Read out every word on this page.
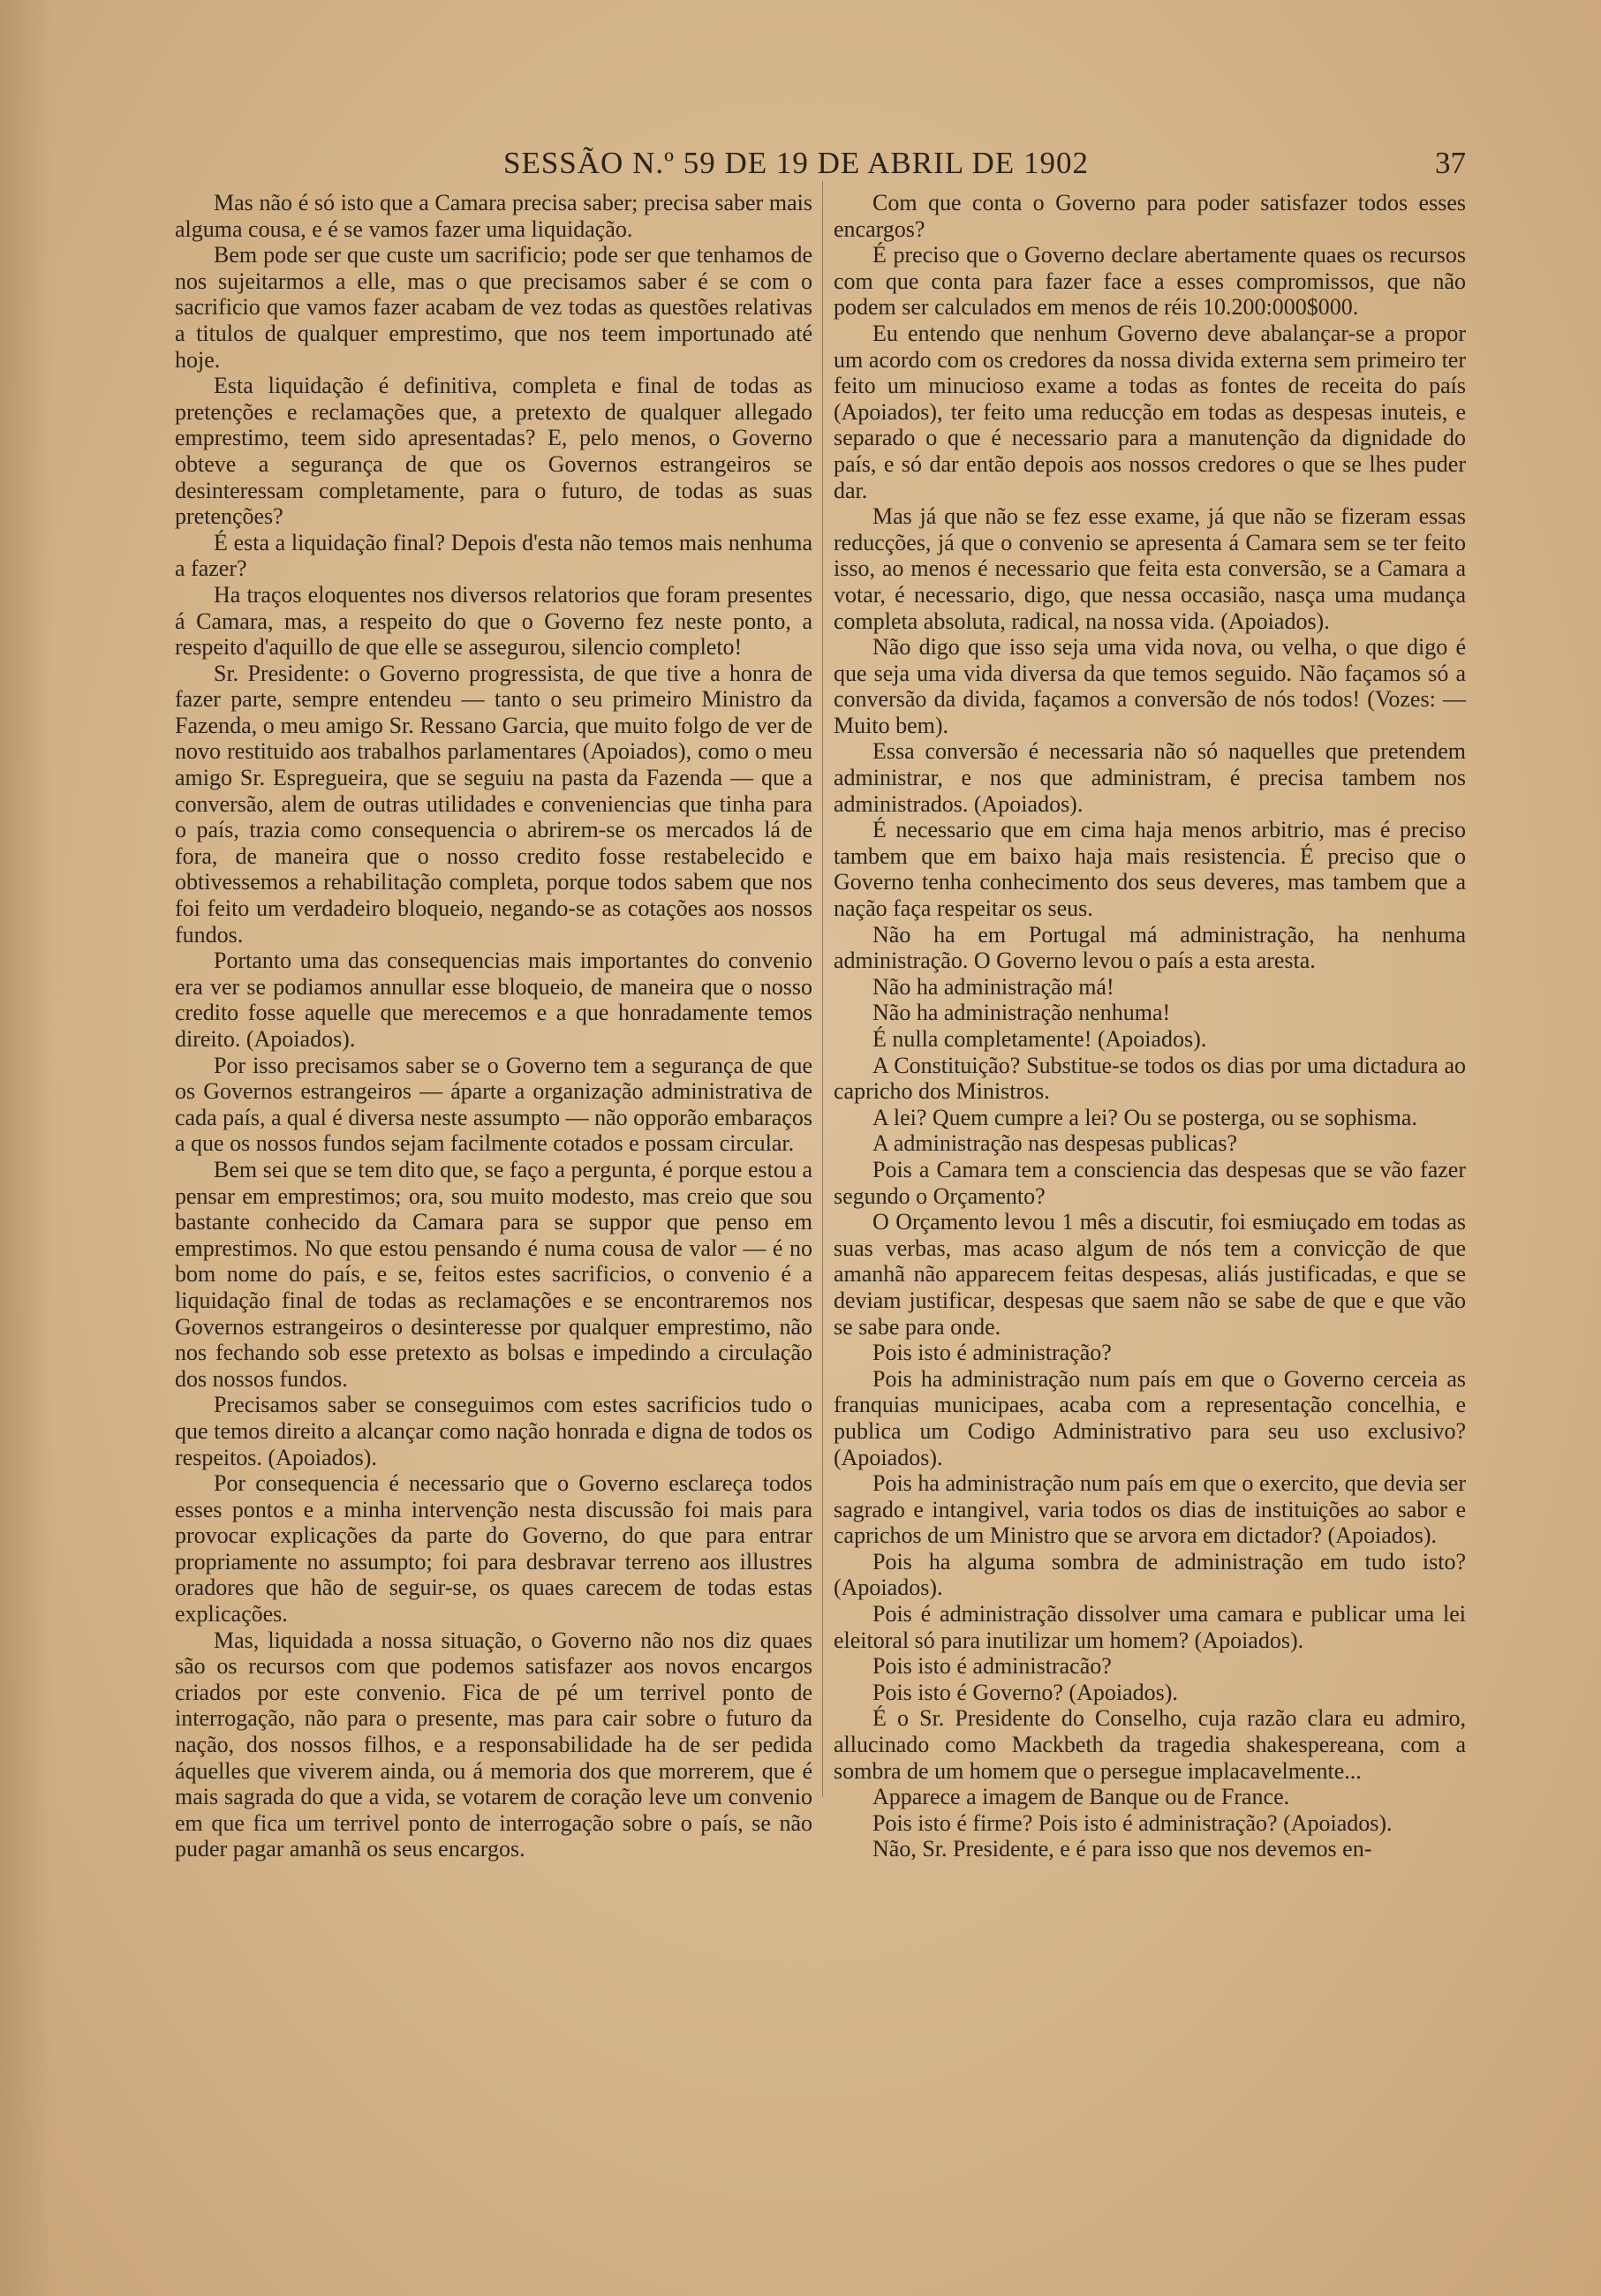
SESSÃO N.º 59 DE 19 DE ABRIL DE 1902	37

Mas não é só isto que a Camara precisa saber; precisa saber mais alguma cousa, e é se vamos fazer uma liquidação.

Bem pode ser que custe um sacrificio; pode ser que tenhamos de nos sujeitarmos a elle, mas o que precisamos saber é se com o sacrificio que vamos fazer acabam de vez todas as questões relativas a titulos de qualquer emprestimo, que nos teem importunado até hoje.

Esta liquidação é definitiva, completa e final de todas as pretenções e reclamações que, a pretexto de qualquer allegado emprestimo, teem sido apresentadas? E, pelo menos, o Governo obteve a segurança de que os Governos estrangeiros se desinteressam completamente, para o futuro, de todas as suas pretenções?

É esta a liquidação final? Depois d'esta não temos mais nenhuma a fazer?

Ha traços eloquentes nos diversos relatorios que foram presentes á Camara, mas, a respeito do que o Governo fez neste ponto, a respeito d'aquillo de que elle se assegurou, silencio completo!

Sr. Presidente: o Governo progressista, de que tive a honra de fazer parte, sempre entendeu — tanto o seu primeiro Ministro da Fazenda, o meu amigo Sr. Ressano Garcia, que muito folgo de ver de novo restituido aos trabalhos parlamentares (Apoiados), como o meu amigo Sr. Espregueira, que se seguiu na pasta da Fazenda — que a conversão, alem de outras utilidades e conveniencias que tinha para o país, trazia como consequencia o abrirem-se os mercados lá de fora, de maneira que o nosso credito fosse restabelecido e obtivessemos a rehabilitação completa, porque todos sabem que nos foi feito um verdadeiro bloqueio, negando-se as cotações aos nossos fundos.

Portanto uma das consequencias mais importantes do convenio era ver se podiamos annullar esse bloqueio, de maneira que o nosso credito fosse aquelle que merecemos e a que honradamente temos direito. (Apoiados).

Por isso precisamos saber se o Governo tem a segurança de que os Governos estrangeiros — áparte a organização administrativa de cada país, a qual é diversa neste assumpto — não opporão embaraços a que os nossos fundos sejam facilmente cotados e possam circular.

Bem sei que se tem dito que, se faço a pergunta, é porque estou a pensar em emprestimos; ora, sou muito modesto, mas creio que sou bastante conhecido da Camara para se suppor que penso em emprestimos. No que estou pensando é numa cousa de valor — é no bom nome do país, e se, feitos estes sacrificios, o convenio é a liquidação final de todas as reclamações e se encontraremos nos Governos estrangeiros o desinteresse por qualquer emprestimo, não nos fechando sob esse pretexto as bolsas e impedindo a circulação dos nossos fundos.

Precisamos saber se conseguimos com estes sacrificios tudo o que temos direito a alcançar como nação honrada e digna de todos os respeitos. (Apoiados).

Por consequencia é necessario que o Governo esclareça todos esses pontos e a minha intervenção nesta discussão foi mais para provocar explicações da parte do Governo, do que para entrar propriamente no assumpto; foi para desbravar terreno aos illustres oradores que hão de seguir-se, os quaes carecem de todas estas explicações.

Mas, liquidada a nossa situação, o Governo não nos diz quaes são os recursos com que podemos satisfazer aos novos encargos criados por este convenio. Fica de pé um terrivel ponto de interrogação, não para o presente, mas para cair sobre o futuro da nação, dos nossos filhos, e a responsabilidade ha de ser pedida áquelles que viverem ainda, ou á memoria dos que morrerem, que é mais sagrada do que a vida, se votarem de coração leve um convenio em que fica um terrivel ponto de interrogação sobre o país, se não puder pagar amanhã os seus encargos.

Com que conta o Governo para poder satisfazer todos esses encargos?

É preciso que o Governo declare abertamente quaes os recursos com que conta para fazer face a esses compromissos, que não podem ser calculados em menos de réis 10.200:000$000.

Eu entendo que nenhum Governo deve abalançar-se a propor um acordo com os credores da nossa divida externa sem primeiro ter feito um minucioso exame a todas as fontes de receita do país (Apoiados), ter feito uma reducção em todas as despesas inuteis, e separado o que é necessario para a manutenção da dignidade do país, e só dar então depois aos nossos credores o que se lhes puder dar.

Mas já que não se fez esse exame, já que não se fizeram essas reducções, já que o convenio se apresenta á Camara sem se ter feito isso, ao menos é necessario que feita esta conversão, se a Camara a votar, é necessario, digo, que nessa occasião, nasça uma mudança completa absoluta, radical, na nossa vida. (Apoiados).

Não digo que isso seja uma vida nova, ou velha, o que digo é que seja uma vida diversa da que temos seguido. Não façamos só a conversão da divida, façamos a conversão de nós todos! (Vozes: — Muito bem).

Essa conversão é necessaria não só naquelles que pretendem administrar, e nos que administram, é precisa tambem nos administrados. (Apoiados).

É necessario que em cima haja menos arbitrio, mas é preciso tambem que em baixo haja mais resistencia. É preciso que o Governo tenha conhecimento dos seus deveres, mas tambem que a nação faça respeitar os seus.

Não ha em Portugal má administração, ha nenhuma administração. O Governo levou o país a esta aresta.

Não ha administração má!

Não ha administração nenhuma!

É nulla completamente! (Apoiados).

A Constituição? Substitue-se todos os dias por uma dictadura ao capricho dos Ministros.

A lei? Quem cumpre a lei? Ou se posterga, ou se sophisma.

A administração nas despesas publicas?

Pois a Camara tem a consciencia das despesas que se vão fazer segundo o Orçamento?

O Orçamento levou 1 mês a discutir, foi esmiuçado em todas as suas verbas, mas acaso algum de nós tem a convicção de que amanhã não apparecem feitas despesas, aliás justificadas, e que se deviam justificar, despesas que saem não se sabe de que e que vão se sabe para onde.

Pois isto é administração?

Pois ha administração num país em que o Governo cerceia as franquias municipaes, acaba com a representação concelhia, e publica um Codigo Administrativo para seu uso exclusivo? (Apoiados).

Pois ha administração num país em que o exercito, que devia ser sagrado e intangivel, varia todos os dias de instituições ao sabor e caprichos de um Ministro que se arvora em dictador? (Apoiados).

Pois ha alguma sombra de administração em tudo isto? (Apoiados).

Pois é administração dissolver uma camara e publicar uma lei eleitoral só para inutilizar um homem? (Apoiados).

Pois isto é administracão?

Pois isto é Governo? (Apoiados).

É o Sr. Presidente do Conselho, cuja razão clara eu admiro, allucinado como Mackbeth da tragedia shakespereana, com a sombra de um homem que o persegue implacavelmente...

Apparece a imagem de Banque ou de France.

Pois isto é firme? Pois isto é administração? (Apoiados).

Não, Sr. Presidente, e é para isso que nos devemos en-
